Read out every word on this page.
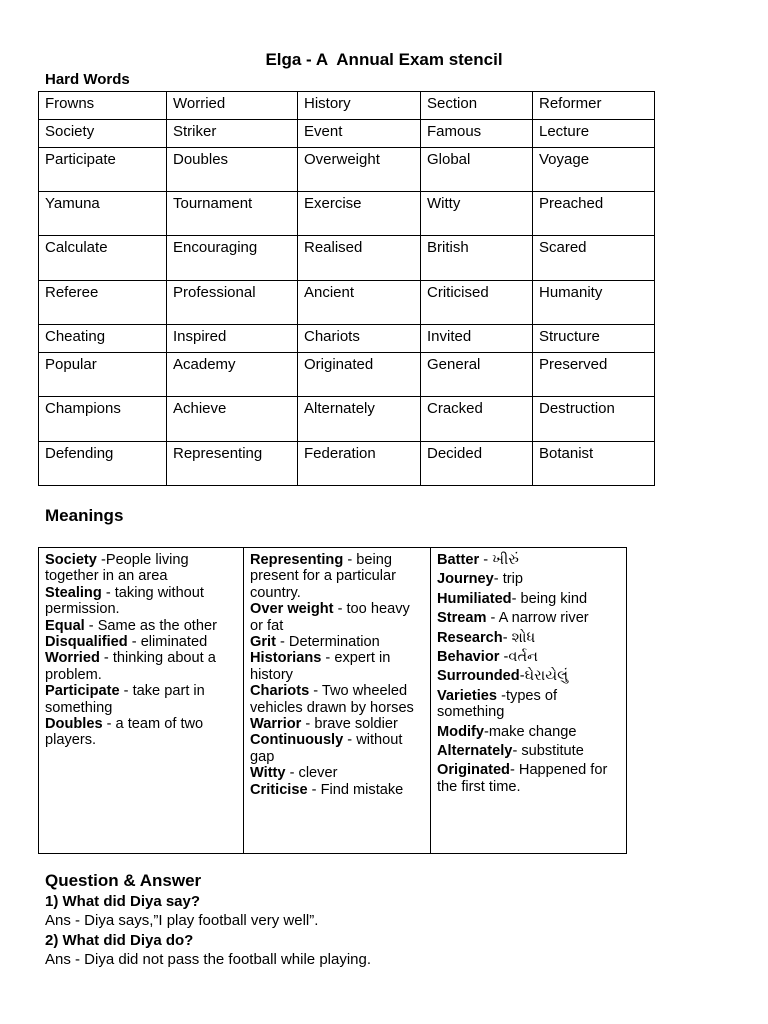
Elga - A  Annual Exam stencil
Hard Words
Frowns	Worried	History	Section	Reformer
Society	Striker	Event	Famous	Lecture
Participate	Doubles	Overweight	Global	Voyage
Yamuna	Tournament	Exercise	Witty	Preached
Calculate	Encouraging	Realised	British	Scared
Referee	Professional	Ancient	Criticised	Humanity
Cheating	Inspired	Chariots	Invited	Structure
Popular	Academy	Originated	General	Preserved
Champions	Achieve	Alternately	Cracked	Destruction
Defending	Representing	Federation	Decided	Botanist
Meanings
Society -People living together in an area
Stealing - taking without permission.
Equal - Same as the other
Disqualified - eliminated
Worried - thinking about a problem.
Participate - take part in something
Doubles - a team of two players.

Representing - being present for a particular country.
Over weight - too heavy or fat
Grit - Determination
Historians - expert in history
Chariots - Two wheeled vehicles drawn by horses
Warrior - brave soldier
Continuously - without gap
Witty - clever
Criticise - Find mistake

Batter - ખીરું
Journey- trip
Humiliated- being kind
Stream - A narrow river
Research- શોધ
Behavior -વર્તન
Surrounded-ઘેરાયેલું
Varieties -types of something
Modify-make change
Alternately- substitute
Originated- Happened for the first time.
Question & Answer
1) What did Diya say?
Ans - Diya says,”I play football very well”.
2) What did Diya do?
Ans - Diya did not pass the football while playing.
